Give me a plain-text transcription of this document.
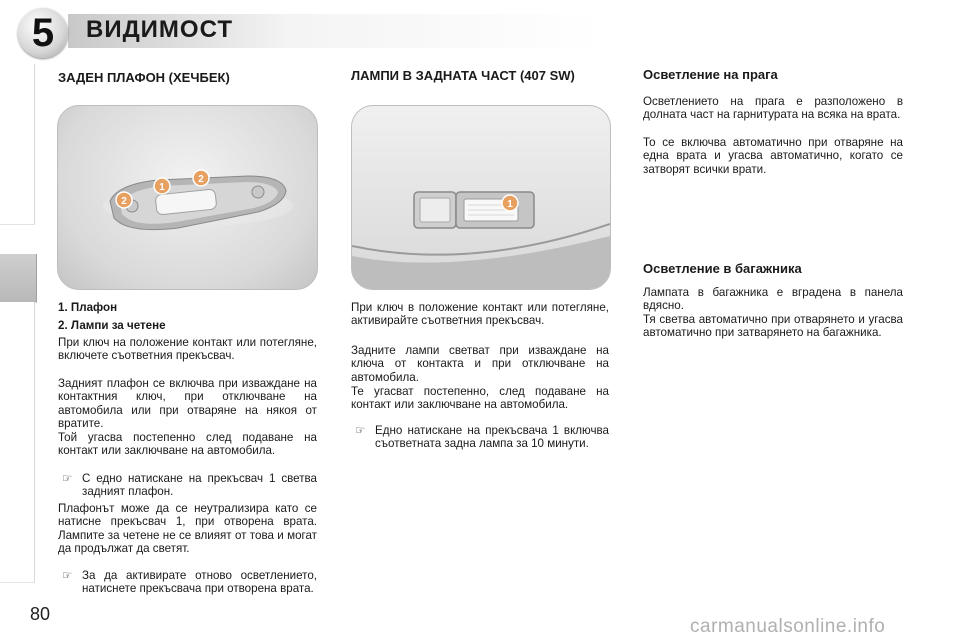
5	ВИДИМОСТ
ЗАДЕН ПЛАФОН (ХЕЧБЕК)
2
1
2
1. Плафон
2. Лампи за четене
При ключ на положение контакт или потегляне, включете съответния прекъсвач.
Задният плафон се включва при изваждане на контактния ключ, при отключване на автомобила или при отваряне на някоя от вратите.
Той угасва постепенно след подаване на контакт или заключване на автомобила.
☞ С едно натискане на прекъсвач 1 светва задният плафон.
Плафонът може да се неутрализира като се натисне прекъсвач 1, при отворена врата. Лампите за четене не се влияят от това и могат да продължат да светят.
☞ За да активирате отново осветлението, натиснете прекъсвача при отворена врата.
ЛАМПИ В ЗАДНАТА ЧАСТ (407 SW)
1
При ключ в положение контакт или потегляне, активирайте съответния прекъсвач.
Задните лампи светват при изваждане на ключа от контакта и при отключване на автомобила.
Те угасват постепенно, след подаване на контакт или заключване на автомобила.
☞ Едно натискане на прекъсвача 1 включва съответната задна лампа за 10 минути.
Осветление на прага
Осветлението на прага е разположено в долната част на гарнитурата на всяка на врата.
То се включва автоматично при отваряне на една врата и угасва автоматично, когато се затворят всички врати.
Осветление в багажника
Лампата в багажника е вградена в панела вдясно.
Тя светва автоматично при отварянето и угасва автоматично при затварянето на багажника.
80
carmanualsonline.info
